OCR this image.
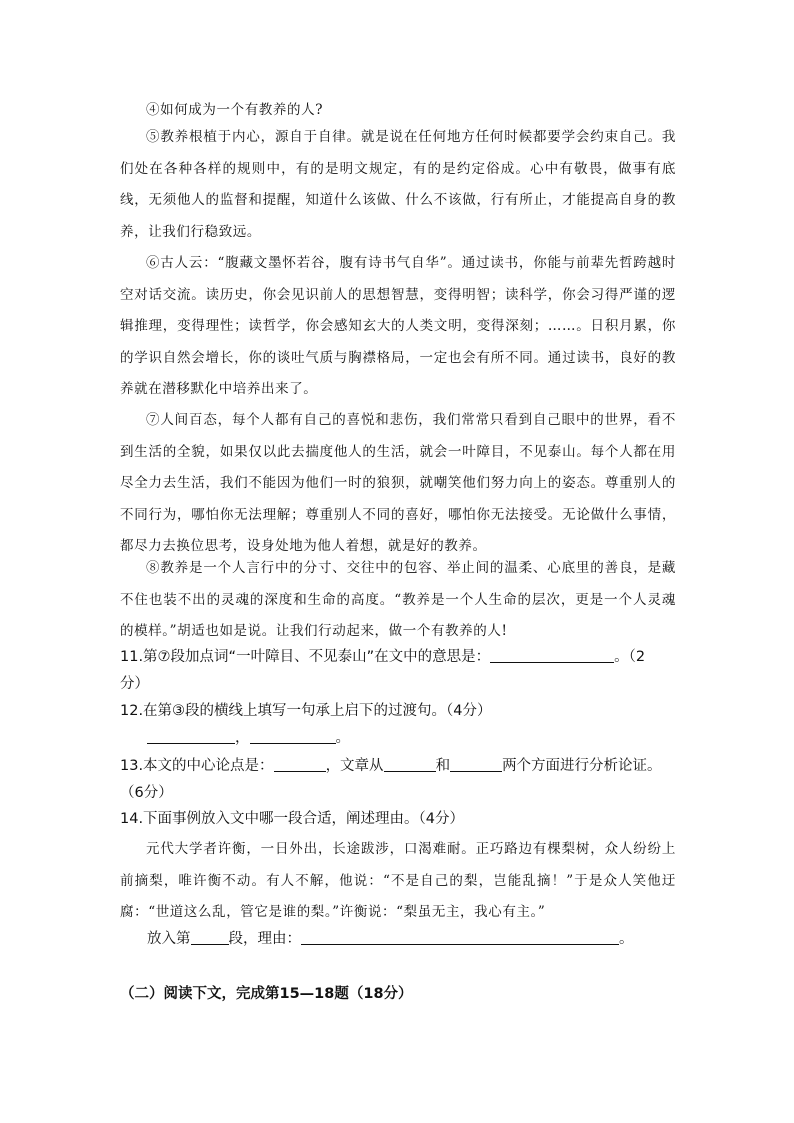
④如何成为一个有教养的人?

⑤教养根植于内心，源自于自律。就是说在任何地方任何时候都要学会约束自己。我们处在各种各样的规则中，有的是明文规定，有的是约定俗成。心中有敬畏，做事有底线，无须他人的监督和提醒，知道什么该做、什么不该做，行有所止，才能提高自身的教养，让我们行稳致远。

⑥古人云：“腹藏文墨怀若谷，腹有诗书气自华”。通过读书，你能与前辈先哲跨越时空对话交流。读历史，你会见识前人的思想智慧，变得明智；读科学，你会习得严谨的逻辑推理，变得理性；读哲学，你会感知玄大的人类文明，变得深刻；……。日积月累，你的学识自然会增长，你的谈吐气质与胸襟格局，一定也会有所不同。通过读书，良好的教养就在潜移默化中培养出来了。

⑦人间百态，每个人都有自己的喜悦和悲伤，我们常常只看到自己眼中的世界，看不到生活的全貌，如果仅以此去揣度他人的生活，就会一叶障目，不见泰山。每个人都在用尽全力去生活，我们不能因为他们一时的狼狈，就嘲笑他们努力向上的姿态。尊重别人的不同行为，哪怕你无法理解；尊重别人不同的喜好，哪怕你无法接受。无论做什么事情，都尽力去换位思考，设身处地为他人着想，就是好的教养。

⑧教养是一个人言行中的分寸、交往中的包容、举止间的温柔、心底里的善良，是藏不住也装不出的灵魂的深度和生命的高度。“教养是一个人生命的层次，更是一个人灵魂的模样。”胡适也如是说。让我们行动起来，做一个有教养的人!

11.第⑦段加点词“一叶障目、不见泰山”在文中的意思是：	。（2
分）

12.在第③段的横线上填写一句承上启下的过渡句。（4分）
，	。

13.本文的中心论点是：	，文章从	和	两个方面进行分析论证。
（6分）

14.下面事例放入文中哪一段合适，阐述理由。（4分）

元代大学者许衡，一日外出，长途跋涉，口渴难耐。正巧路边有棵梨树，众人纷纷上前摘梨，唯许衡不动。有人不解，他说：“不是自己的梨，岂能乱摘！”于是众人笑他迂腐：“世道这么乱，管它是谁的梨。”许衡说：“梨虽无主，我心有主。”

放入第	段，理由：	。

（二）阅读下文，完成第15—18题（18分）
